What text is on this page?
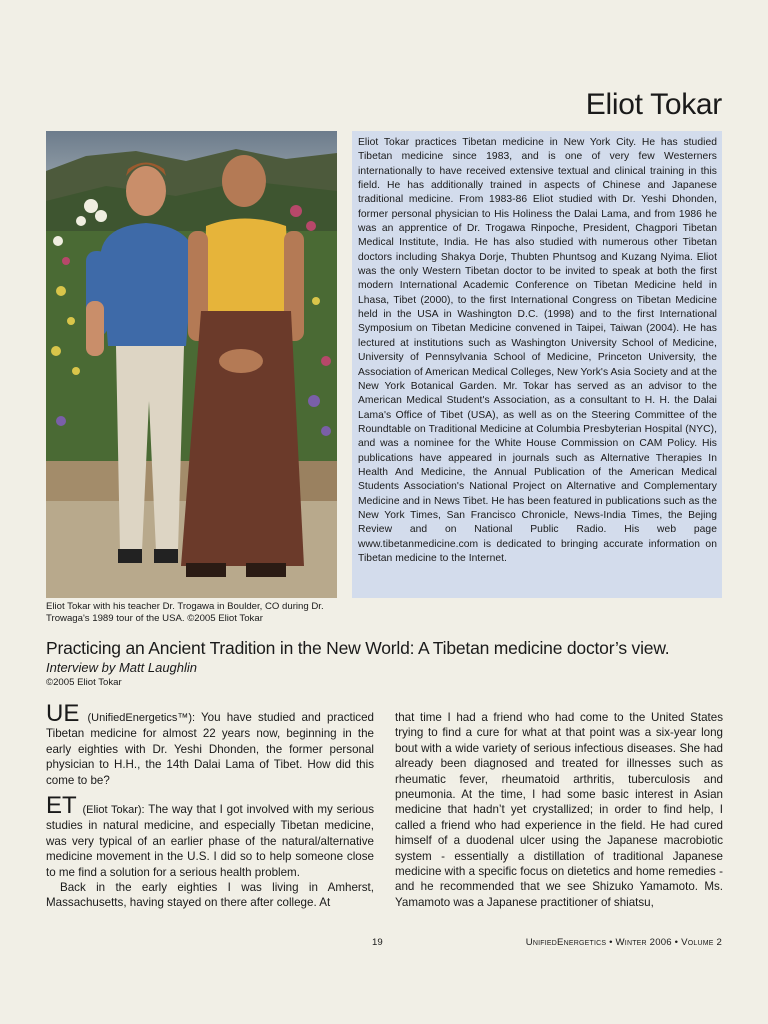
Eliot Tokar

Eliot Tokar with his teacher Dr. Trogawa in Boulder, CO during Dr. Trowaga's 1989 tour of the USA. ©2005 Eliot Tokar

Eliot Tokar practices Tibetan medicine in New York City. He has studied Tibetan medicine since 1983, and is one of very few Westerners internationally to have received extensive textual and clinical training in this field. He has additionally trained in aspects of Chinese and Japanese traditional medicine. From 1983-86 Eliot studied with Dr. Yeshi Dhonden, former personal physician to His Holiness the Dalai Lama, and from 1986 he was an apprentice of Dr. Trogawa Rinpoche, President, Chagpori Tibetan Medical Institute, India. He has also studied with numerous other Tibetan doctors including Shakya Dorje, Thubten Phuntsog and Kuzang Nyima. Eliot was the only Western Tibetan doctor to be invited to speak at both the first modern International Academic Conference on Tibetan Medicine held in Lhasa, Tibet (2000), to the first International Congress on Tibetan Medicine held in the USA in Washington D.C. (1998) and to the first International Symposium on Tibetan Medicine convened in Taipei, Taiwan (2004). He has lectured at institutions such as Washington University School of Medicine, University of Pennsylvania School of Medicine, Princeton University, the Association of American Medical Colleges, New York's Asia Society and at the New York Botanical Garden. Mr. Tokar has served as an advisor to the American Medical Student's Association, as a consultant to H. H. the Dalai Lama's Office of Tibet (USA), as well as on the Steering Committee of the Roundtable on Traditional Medicine at Columbia Presbyterian Hospital (NYC), and was a nominee for the White House Commission on CAM Policy. His publications have appeared in journals such as Alternative Therapies In Health And Medicine, the Annual Publication of the American Medical Students Association's National Project on Alternative and Complementary Medicine and in News Tibet. He has been featured in publications such as the New York Times, San Francisco Chronicle, News-India Times, the Bejing Review and on National Public Radio. His web page www.tibetanmedicine.com is dedicated to bringing accurate information on Tibetan medicine to the Internet.

Practicing an Ancient Tradition in the New World: A Tibetan medicine doctor’s view.
Interview by Matt Laughlin
©2005 Eliot Tokar

UE (UnifiedEnergetics™): You have studied and practiced Tibetan medicine for almost 22 years now, beginning in the early eighties with Dr. Yeshi Dhonden, the former personal physician to H.H., the 14th Dalai Lama of Tibet. How did this come to be?

ET (Eliot Tokar): The way that I got involved with my serious studies in natural medicine, and especially Tibetan medicine, was very typical of an earlier phase of the natural/alternative medicine movement in the U.S. I did so to help someone close to me find a solution for a serious health problem.

Back in the early eighties I was living in Amherst, Massachusetts, having stayed on there after college. At

that time I had a friend who had come to the United States trying to find a cure for what at that point was a six-year long bout with a wide variety of serious infectious diseases. She had already been diagnosed and treated for illnesses such as rheumatic fever, rheumatoid arthritis, tuberculosis and pneumonia. At the time, I had some basic interest in Asian medicine that hadn’t yet crystallized; in order to find help, I called a friend who had experience in the field. He had cured himself of a duodenal ulcer using the Japanese macrobiotic system - essentially a distillation of traditional Japanese medicine with a specific focus on dietetics and home remedies - and he recommended that we see Shizuko Yamamoto. Ms. Yamamoto was a Japanese practitioner of shiatsu,

19	UnifiedEnergetics • Winter 2006 • Volume 2
